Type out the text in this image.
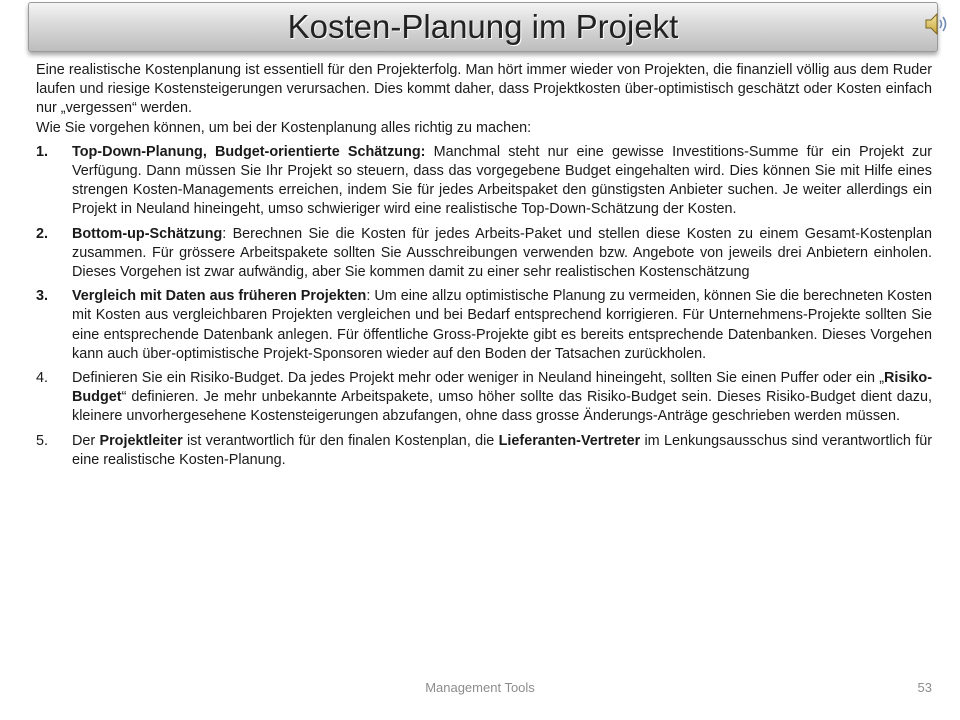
Kosten-Planung im Projekt

Eine realistische Kostenplanung ist essentiell für den Projekterfolg. Man hört immer wieder von Projekten, die finanziell völlig aus dem Ruder laufen und riesige Kostensteigerungen verursachen. Dies kommt daher, dass Projektkosten über-optimistisch geschätzt oder Kosten einfach nur „vergessen“ werden.

Wie Sie vorgehen können, um bei der Kostenplanung alles richtig zu machen:

1. Top-Down-Planung, Budget-orientierte Schätzung: Manchmal steht nur eine gewisse Investitions-Summe für ein Projekt zur Verfügung. Dann müssen Sie Ihr Projekt so steuern, dass das vorgegebene Budget eingehalten wird. Dies können Sie mit Hilfe eines strengen Kosten-Managements erreichen, indem Sie für jedes Arbeitspaket den günstigsten Anbieter suchen. Je weiter allerdings ein Projekt in Neuland hineingeht, umso schwieriger wird eine realistische Top-Down-Schätzung der Kosten.
2. Bottom-up-Schätzung: Berechnen Sie die Kosten für jedes Arbeits-Paket und stellen diese Kosten zu einem Gesamt-Kostenplan zusammen. Für grössere Arbeitspakete sollten Sie Ausschreibungen verwenden bzw. Angebote von jeweils drei Anbietern einholen. Dieses Vorgehen ist zwar aufwändig, aber Sie kommen damit zu einer sehr realistischen Kostenschätzung
3. Vergleich mit Daten aus früheren Projekten: Um eine allzu optimistische Planung zu vermeiden, können Sie die berechneten Kosten mit Kosten aus vergleichbaren Projekten vergleichen und bei Bedarf entsprechend korrigieren. Für Unternehmens-Projekte sollten Sie eine entsprechende Datenbank anlegen. Für öffentliche Gross-Projekte gibt es bereits entsprechende Datenbanken. Dieses Vorgehen kann auch über-optimistische Projekt-Sponsoren wieder auf den Boden der Tatsachen zurückholen.
4. Definieren Sie ein Risiko-Budget. Da jedes Projekt mehr oder weniger in Neuland hineingeht, sollten Sie einen Puffer oder ein „Risiko-Budget“ definieren. Je mehr unbekannte Arbeitspakete, umso höher sollte das Risiko-Budget sein. Dieses Risiko-Budget dient dazu, kleinere unvorhergesehene Kostensteigerungen abzufangen, ohne dass grosse Änderungs-Anträge geschrieben werden müssen.
5. Der Projektleiter ist verantwortlich für den finalen Kostenplan, die Lieferanten-Vertreter im Lenkungsausschus sind verantwortlich für eine realistische Kosten-Planung.
Management Tools	53
